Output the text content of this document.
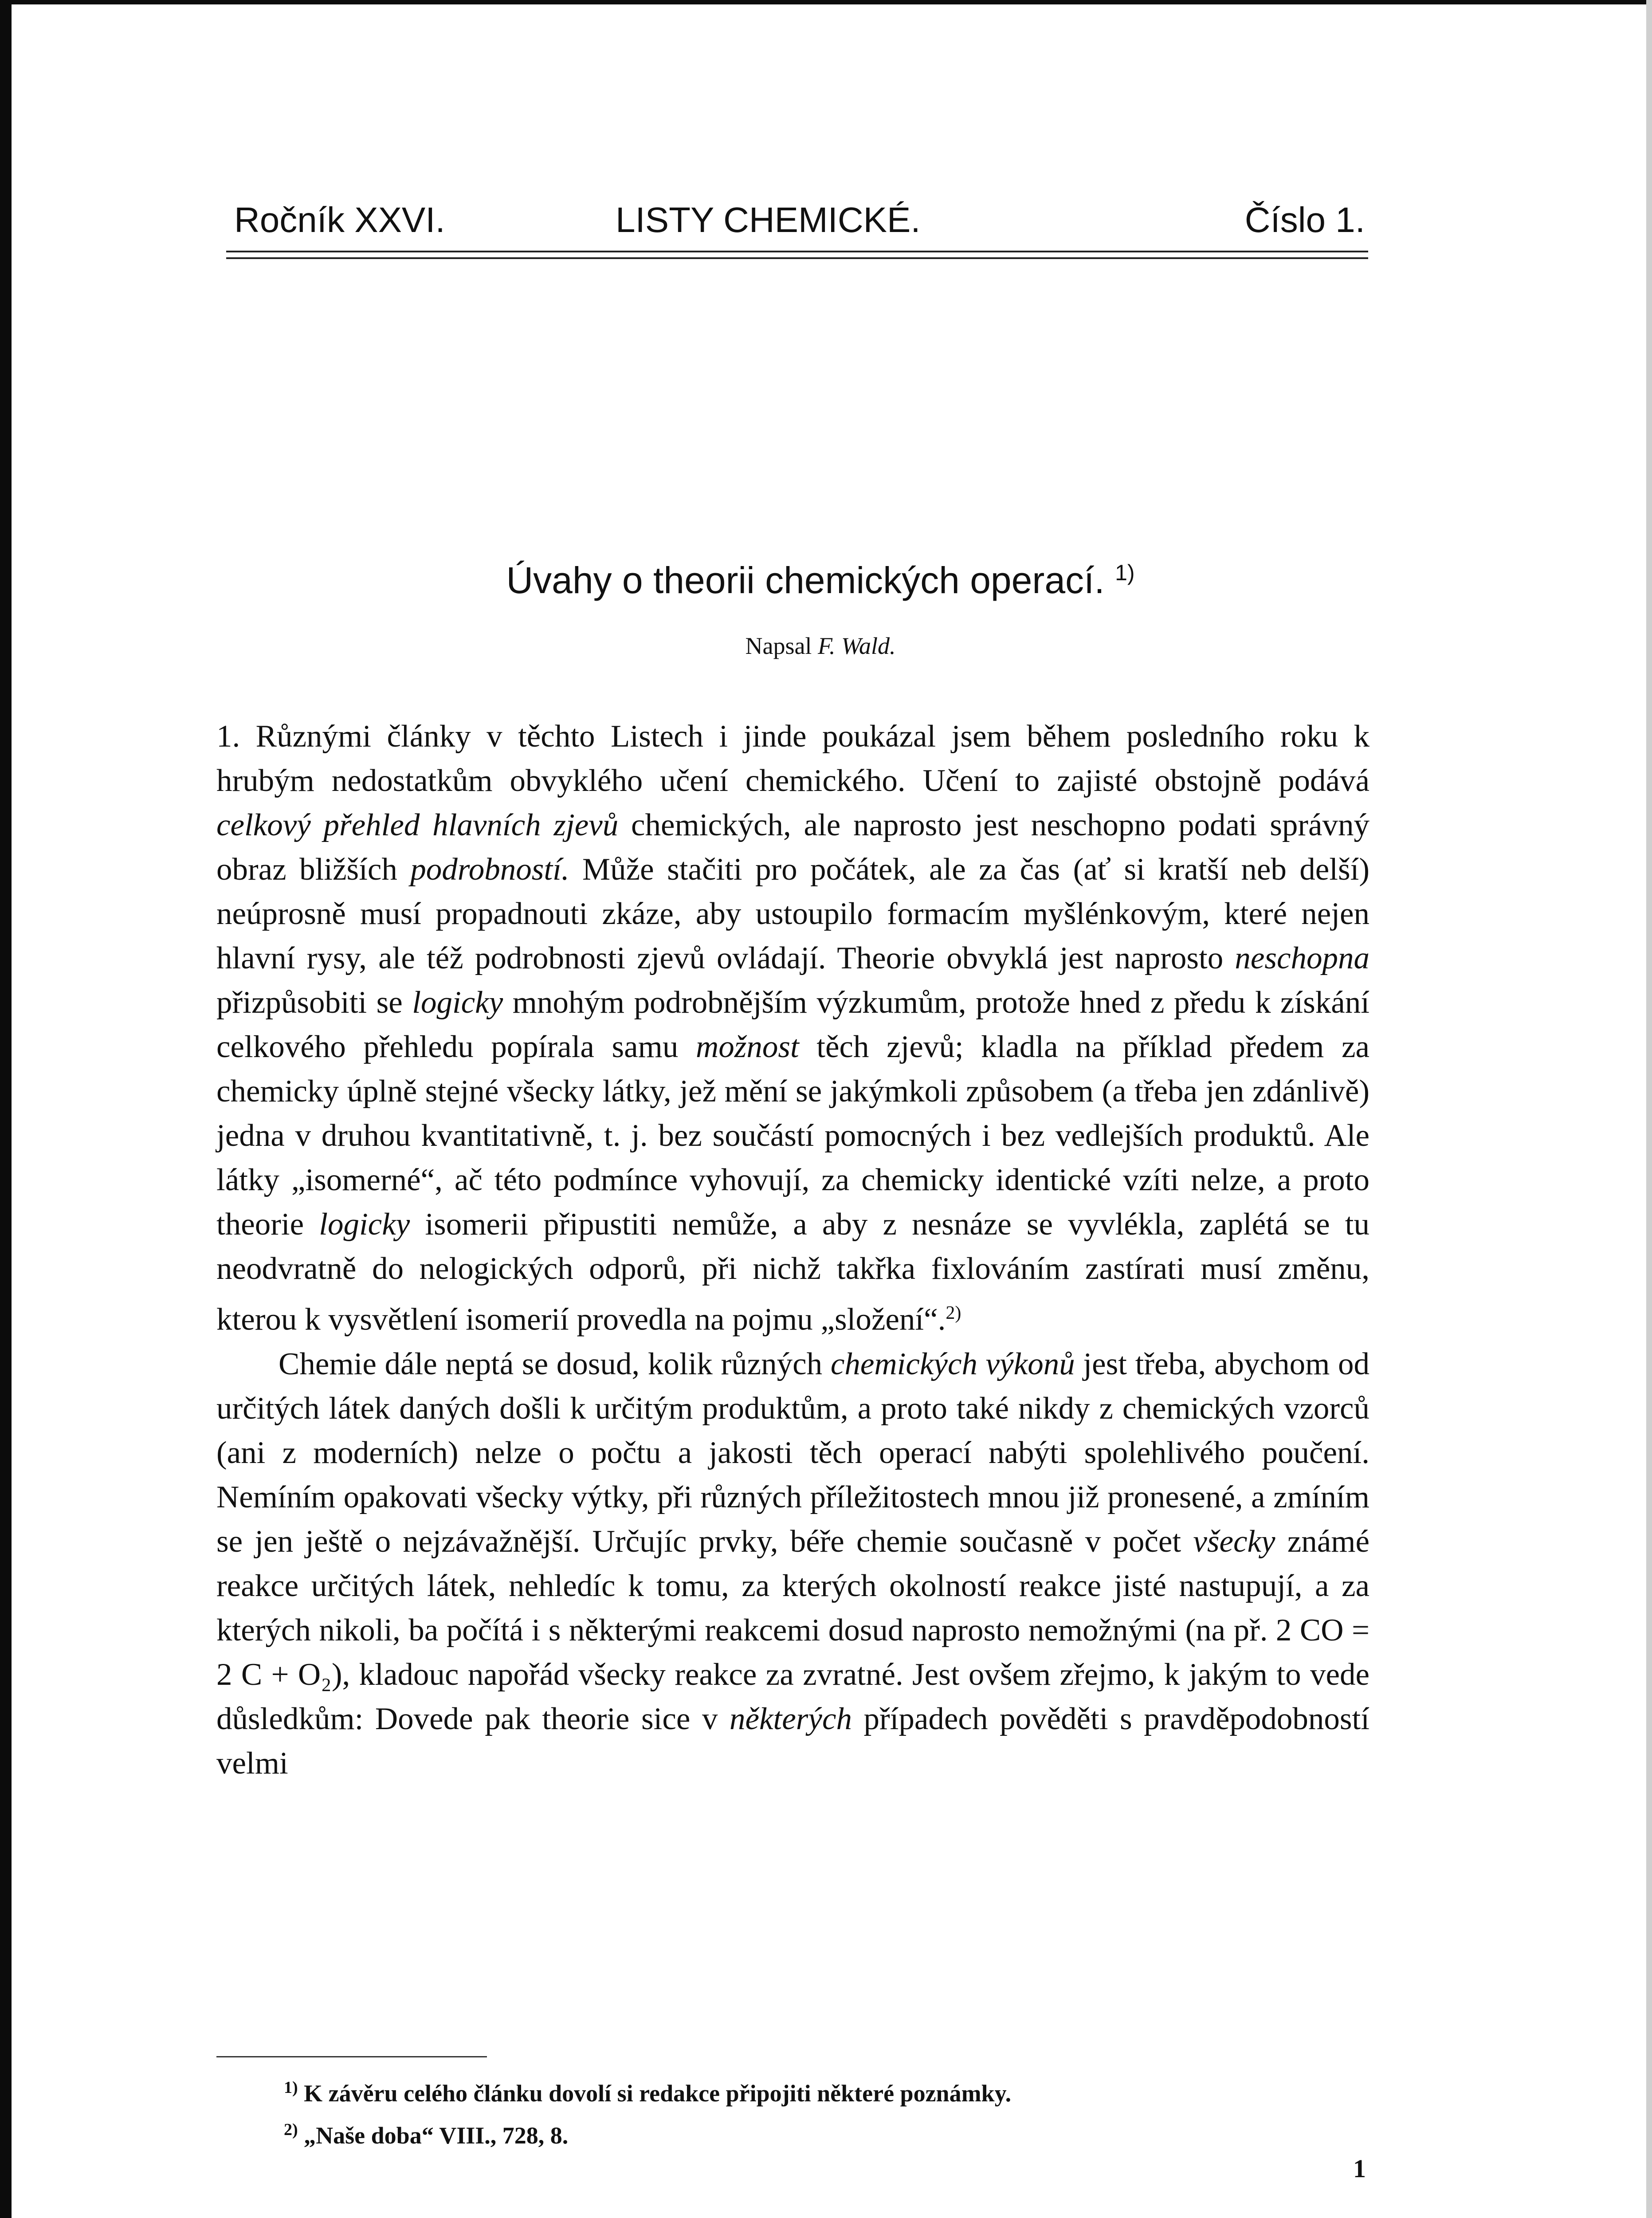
Ročník XXVI.	LISTY CHEMICKÉ.	Číslo 1.
Úvahy o theorii chemických operací. $^{1)}$
Napsal F. Wald.

1. Různými články v těchto Listech i jinde poukázal jsem během posledního roku k hrubým nedostatkům obvyklého učení chemického. Učení to zajisté obstojně podává celkový přehled hlavních zjevů chemických, ale naprosto jest neschopno podati správný obraz bližších podrobností. Může stačiti pro počátek, ale za čas (ať si kratší neb delší) neúprosně musí propadnouti zkáze, aby ustoupilo formacím myšlénkovým, které nejen hlavní rysy, ale též podrobnosti zjevů ovládají. Theorie obvyklá jest naprosto neschopna přizpůsobiti se logicky mnohým podrobnějším výzkumům, protože hned z předu k získání celkového přehledu popírala samu možnost těch zjevů; kladla na příklad předem za chemicky úplně stejné všecky látky, jež mění se jakýmkoli způsobem (a třeba jen zdánlivě) jedna v druhou kvantitativně, t. j. bez součástí pomocných i bez vedlejších produktů. Ale látky „isomerné“, ač této podmínce vyhovují, za chemicky identické vzíti nelze, a proto theorie logicky isomerii připustiti nemůže, a aby z nesnáze se vyvlékla, zaplétá se tu neodvratně do nelogických odporů, při nichž takřka fixlováním zastírati musí změnu, kterou k vysvětlení isomerií provedla na pojmu „složení“.$^{2)}$

Chemie dále neptá se dosud, kolik různých chemických výkonů jest třeba, abychom od určitých látek daných došli k určitým produktům, a proto také nikdy z chemických vzorců (ani z moderních) nelze o počtu a jakosti těch operací nabýti spolehlivého poučení. Nemíním opakovati všecky výtky, při různých příležitostech mnou již pronesené, a zmíním se jen ještě o nejzávažnější. Určujíc prvky, béře chemie současně v počet všecky známé reakce určitých látek, nehledíc k tomu, za kterých okolností reakce jisté nastupují, a za kterých nikoli, ba počítá i s některými reakcemi dosud naprosto nemožnými (na př. 2 CO = 2 C + O₂), kladouc napořád všecky reakce za zvratné. Jest ovšem zřejmo, k jakým to vede důsledkům: Dovede pak theorie sice v některých případech pověděti s pravděpodobností velmi

$^{1)}$ K závěru celého článku dovolí si redakce připojiti některé poznámky.
$^{2)}$ „Naše doba“ VIII., 728, 8.
1
